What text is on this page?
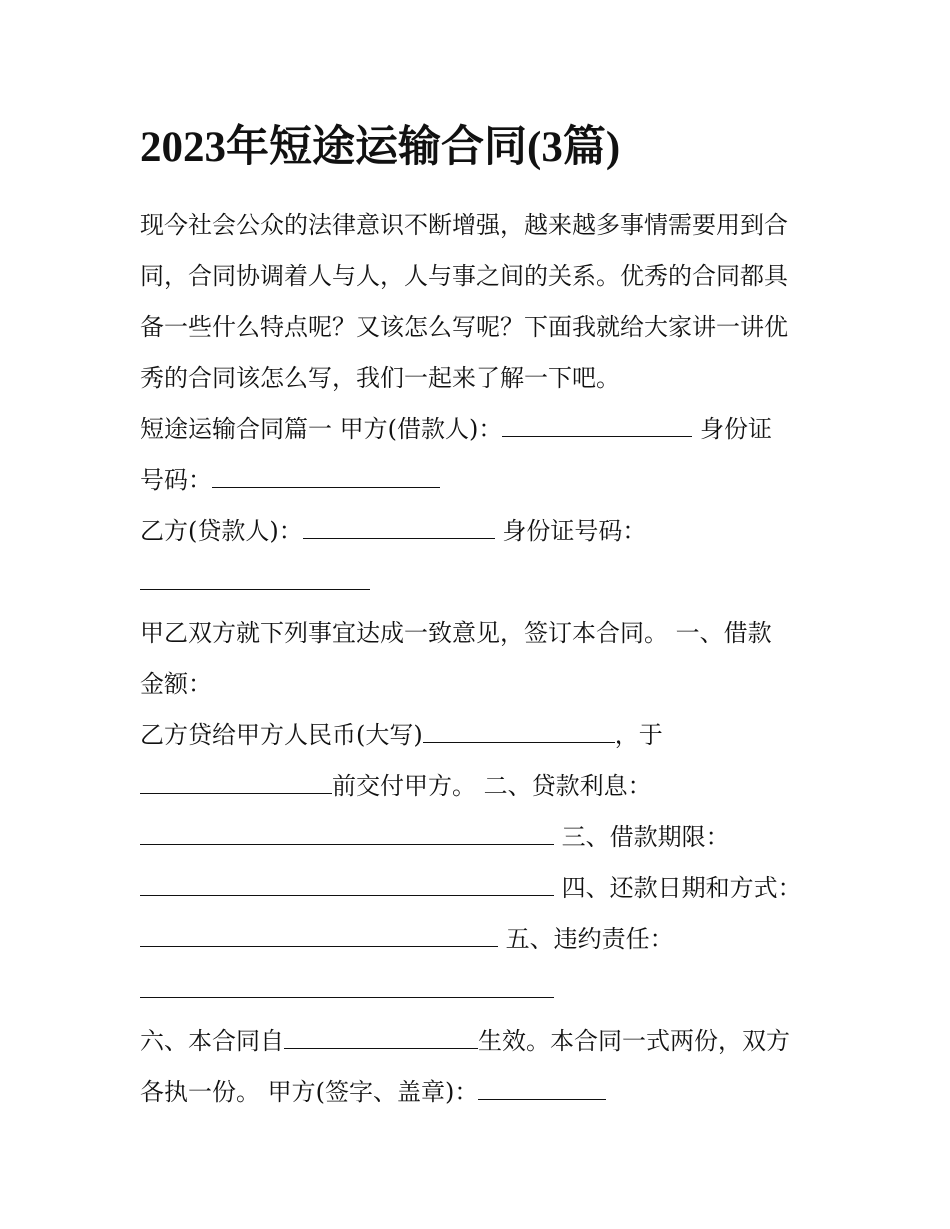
2023年短途运输合同(3篇)

现今社会公众的法律意识不断增强，越来越多事情需要用到合

同，合同协调着人与人，人与事之间的关系。优秀的合同都具

备一些什么特点呢？又该怎么写呢？下面我就给大家讲一讲优

秀的合同该怎么写，我们一起来了解一下吧。

短途运输合同篇一 甲方(借款人)：	身份证

号码：

乙方(贷款人)：	身份证号码：

甲乙双方就下列事宜达成一致意见，签订本合同。 一、借款

金额：

乙方贷给甲方人民币(大写)	，于

前交付甲方。 二、贷款利息：

三、借款期限：

四、还款日期和方式：

五、违约责任：

六、本合同自	生效。本合同一式两份，双方

各执一份。 甲方(签字、盖章)：
